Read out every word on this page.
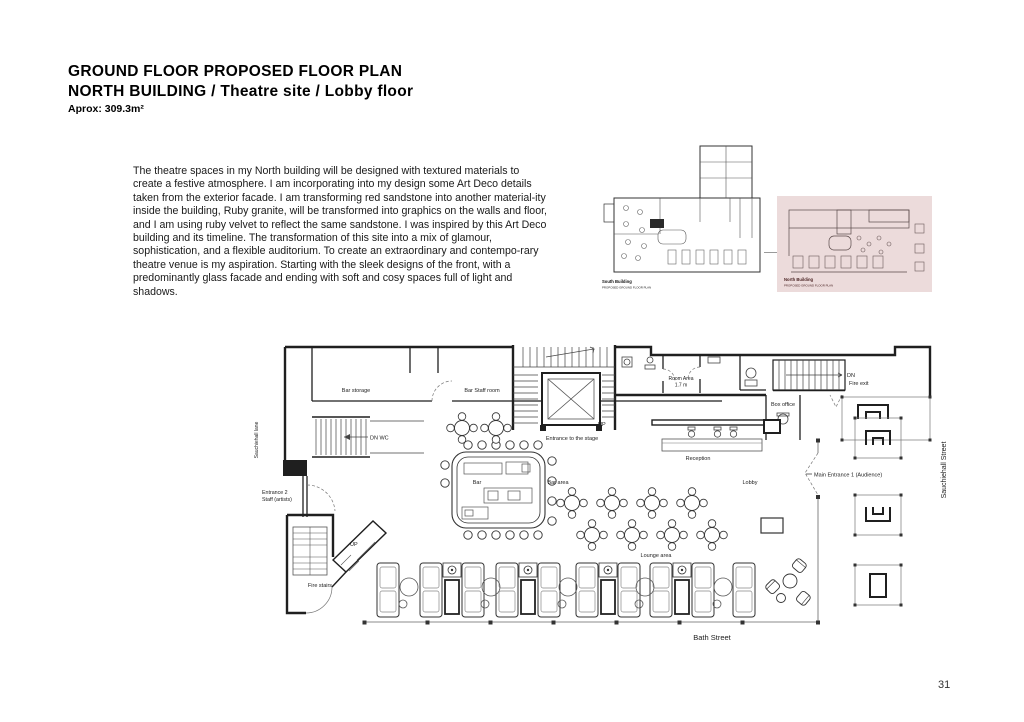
GROUND FLOOR PROPOSED FLOOR PLAN
NORTH BUILDING / Theatre site / Lobby floor

Aprox: 309.3m²

The theatre spaces in my North building will be designed with textured materials to create a festive atmosphere. I am incorporating into my design some Art Deco details taken from the exterior facade. I am transforming red sandstone into another material-ity inside the building, Ruby granite, will be transformed into graphics on the walls and floor, and I am using ruby velvet to reflect the same sandstone. I was inspired by this Art Deco building and its timeline. The transformation of this site into a mix of glamour, sophistication, and a flexible auditorium. To create an extraordinary and contempo-rary theatre venue is my aspiration. Starting with the sleek designs of the front, with a predominantly glass facade and ending with soft and cosy spaces full of light and shadows.
South Building
PROPOSED GROUND FLOOR PLAN
North Building
PROPOSED GROUND FLOOR PLAN
UP
Room Area
1.7 m
DN
Fire exit
Box office
Reception
DN WC
UP
Fire stairs
Bar
Main Entrance 1 (Audience)
Bar storage	Bar Staff room
Entrance to the stage
Bar area	Lobby
Lounge area
Entrance 2
Staff (artists)
Sauchiehall lane
Sauchiehall Street
Bath Street
31
